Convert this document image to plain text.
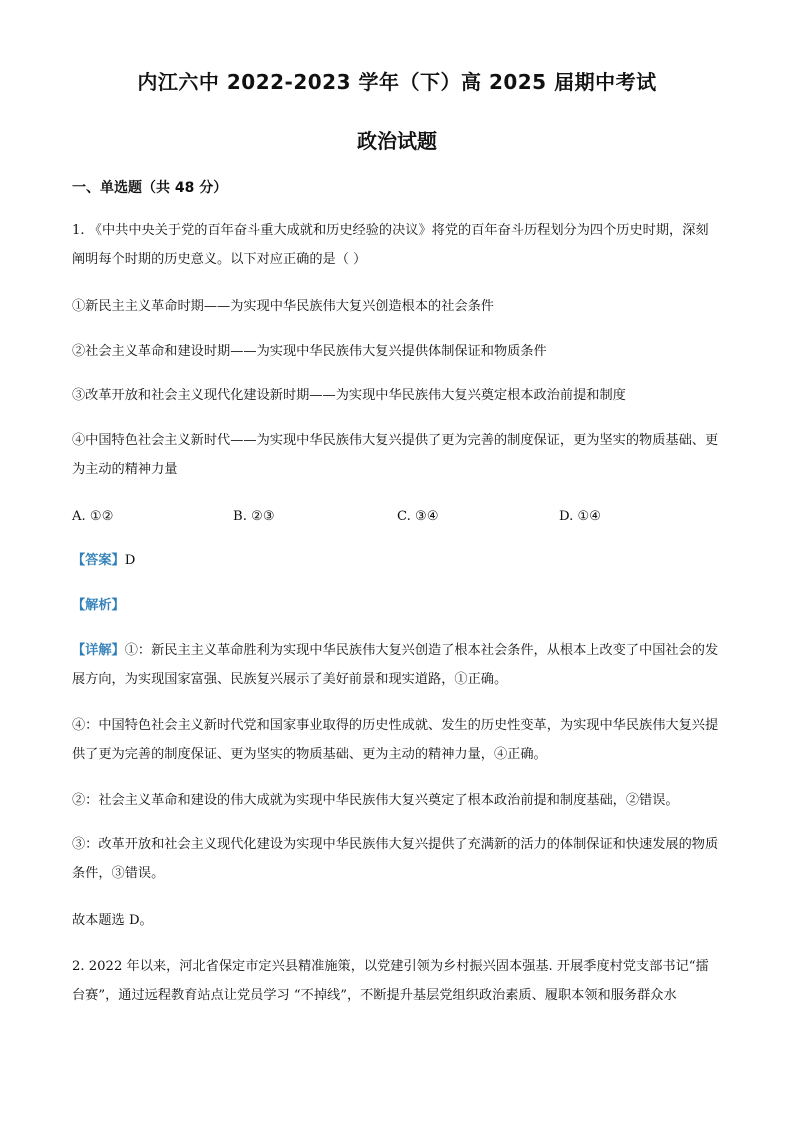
内江六中 2022-2023 学年（下）高 2025 届期中考试
政治试题
一、单选题（共 48 分）

1. 《中共中央关于党的百年奋斗重大成就和历史经验的决议》将党的百年奋斗历程划分为四个历史时期，深刻阐明每个时期的历史意义。以下对应正确的是（ ）

①新民主主义革命时期——为实现中华民族伟大复兴创造根本的社会条件

②社会主义革命和建设时期——为实现中华民族伟大复兴提供体制保证和物质条件

③改革开放和社会主义现代化建设新时期——为实现中华民族伟大复兴奠定根本政治前提和制度

④中国特色社会主义新时代——为实现中华民族伟大复兴提供了更为完善的制度保证，更为坚实的物质基础、更为主动的精神力量

A. ①②	B. ②③	C. ③④	D. ①④
【答案】D
【解析】

【详解】①：新民主主义革命胜利为实现中华民族伟大复兴创造了根本社会条件，从根本上改变了中国社会的发展方向，为实现国家富强、民族复兴展示了美好前景和现实道路，①正确。

④：中国特色社会主义新时代党和国家事业取得的历史性成就、发生的历史性变革，为实现中华民族伟大复兴提供了更为完善的制度保证、更为坚实的物质基础、更为主动的精神力量，④正确。

②：社会主义革命和建设的伟大成就为实现中华民族伟大复兴奠定了根本政治前提和制度基础，②错误。

③：改革开放和社会主义现代化建设为实现中华民族伟大复兴提供了充满新的活力的体制保证和快速发展的物质条件，③错误。

故本题选 D。

2. 2022 年以来，河北省保定市定兴县精准施策，以党建引领为乡村振兴固本强基. 开展季度村党支部书记“擂台赛”，通过远程教育站点让党员学习 “不掉线”，不断提升基层党组织政治素质、履职本领和服务群众水
